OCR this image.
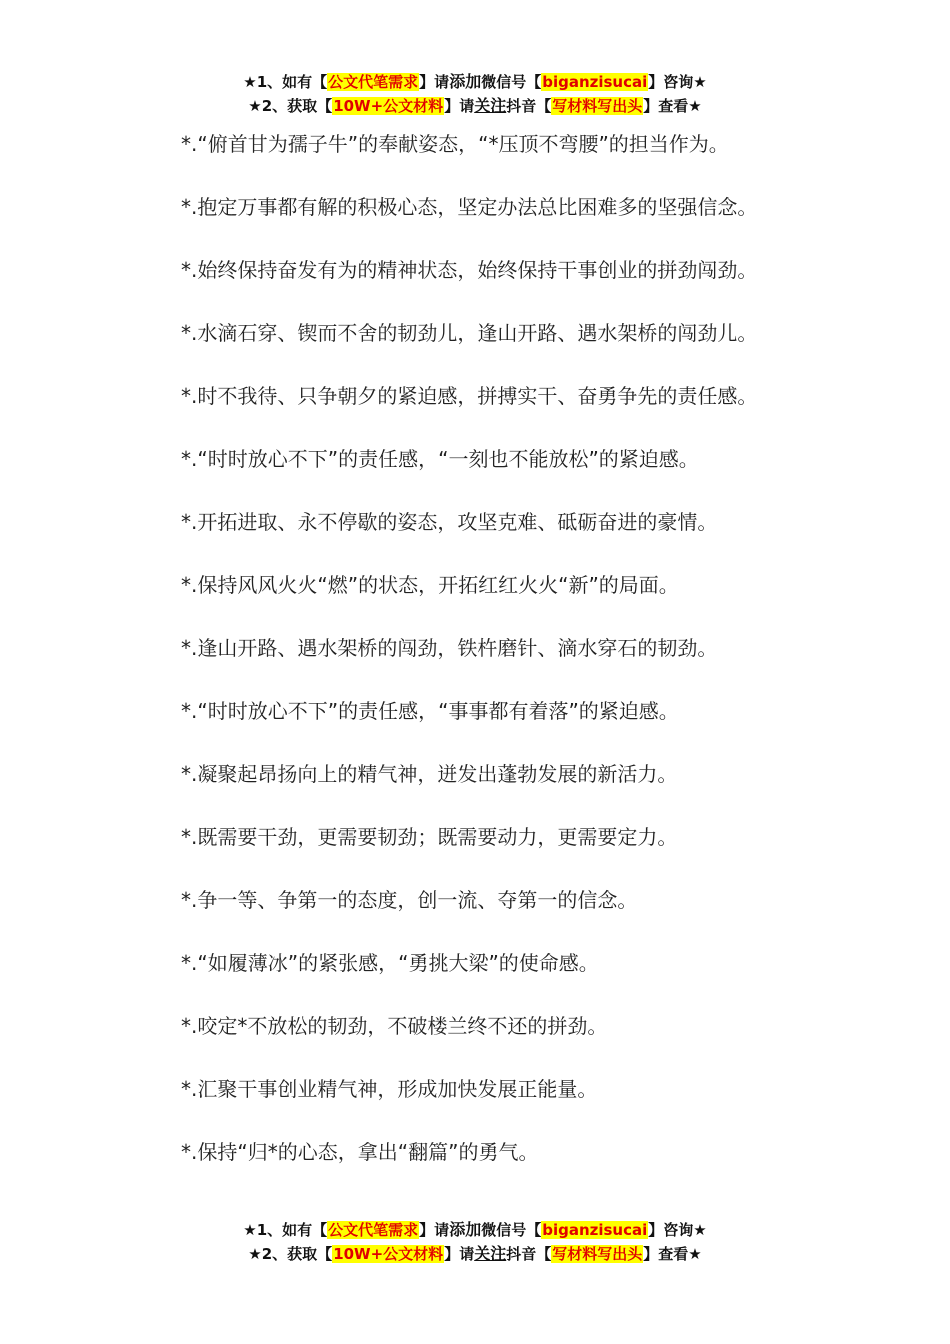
★1、如有【公文代笔需求】请添加微信号【biganzisucai】咨询★
★2、获取【10W+公文材料】请关注抖音【写材料写出头】查看★
*.“俯首甘为孺子牛”的奉献姿态，“*压顶不弯腰”的担当作为。
*.抱定万事都有解的积极心态，坚定办法总比困难多的坚强信念。
*.始终保持奋发有为的精神状态，始终保持干事创业的拼劲闯劲。
*.水滴石穿、锲而不舍的韧劲儿，逢山开路、遇水架桥的闯劲儿。
*.时不我待、只争朝夕的紧迫感，拼搏实干、奋勇争先的责任感。
*.“时时放心不下”的责任感，“一刻也不能放松”的紧迫感。
*.开拓进取、永不停歇的姿态，攻坚克难、砥砺奋进的豪情。
*.保持风风火火“燃”的状态，开拓红红火火“新”的局面。
*.逢山开路、遇水架桥的闯劲，铁杵磨针、滴水穿石的韧劲。
*.“时时放心不下”的责任感，“事事都有着落”的紧迫感。
*.凝聚起昂扬向上的精气神，迸发出蓬勃发展的新活力。
*.既需要干劲，更需要韧劲；既需要动力，更需要定力。
*.争一等、争第一的态度，创一流、夺第一的信念。
*.“如履薄冰”的紧张感，“勇挑大梁”的使命感。
*.咬定*不放松的韧劲，不破楼兰终不还的拼劲。
*.汇聚干事创业精气神，形成加快发展正能量。
*.保持“归*的心态，拿出“翻篇”的勇气。
★1、如有【公文代笔需求】请添加微信号【biganzisucai】咨询★
★2、获取【10W+公文材料】请关注抖音【写材料写出头】查看★
